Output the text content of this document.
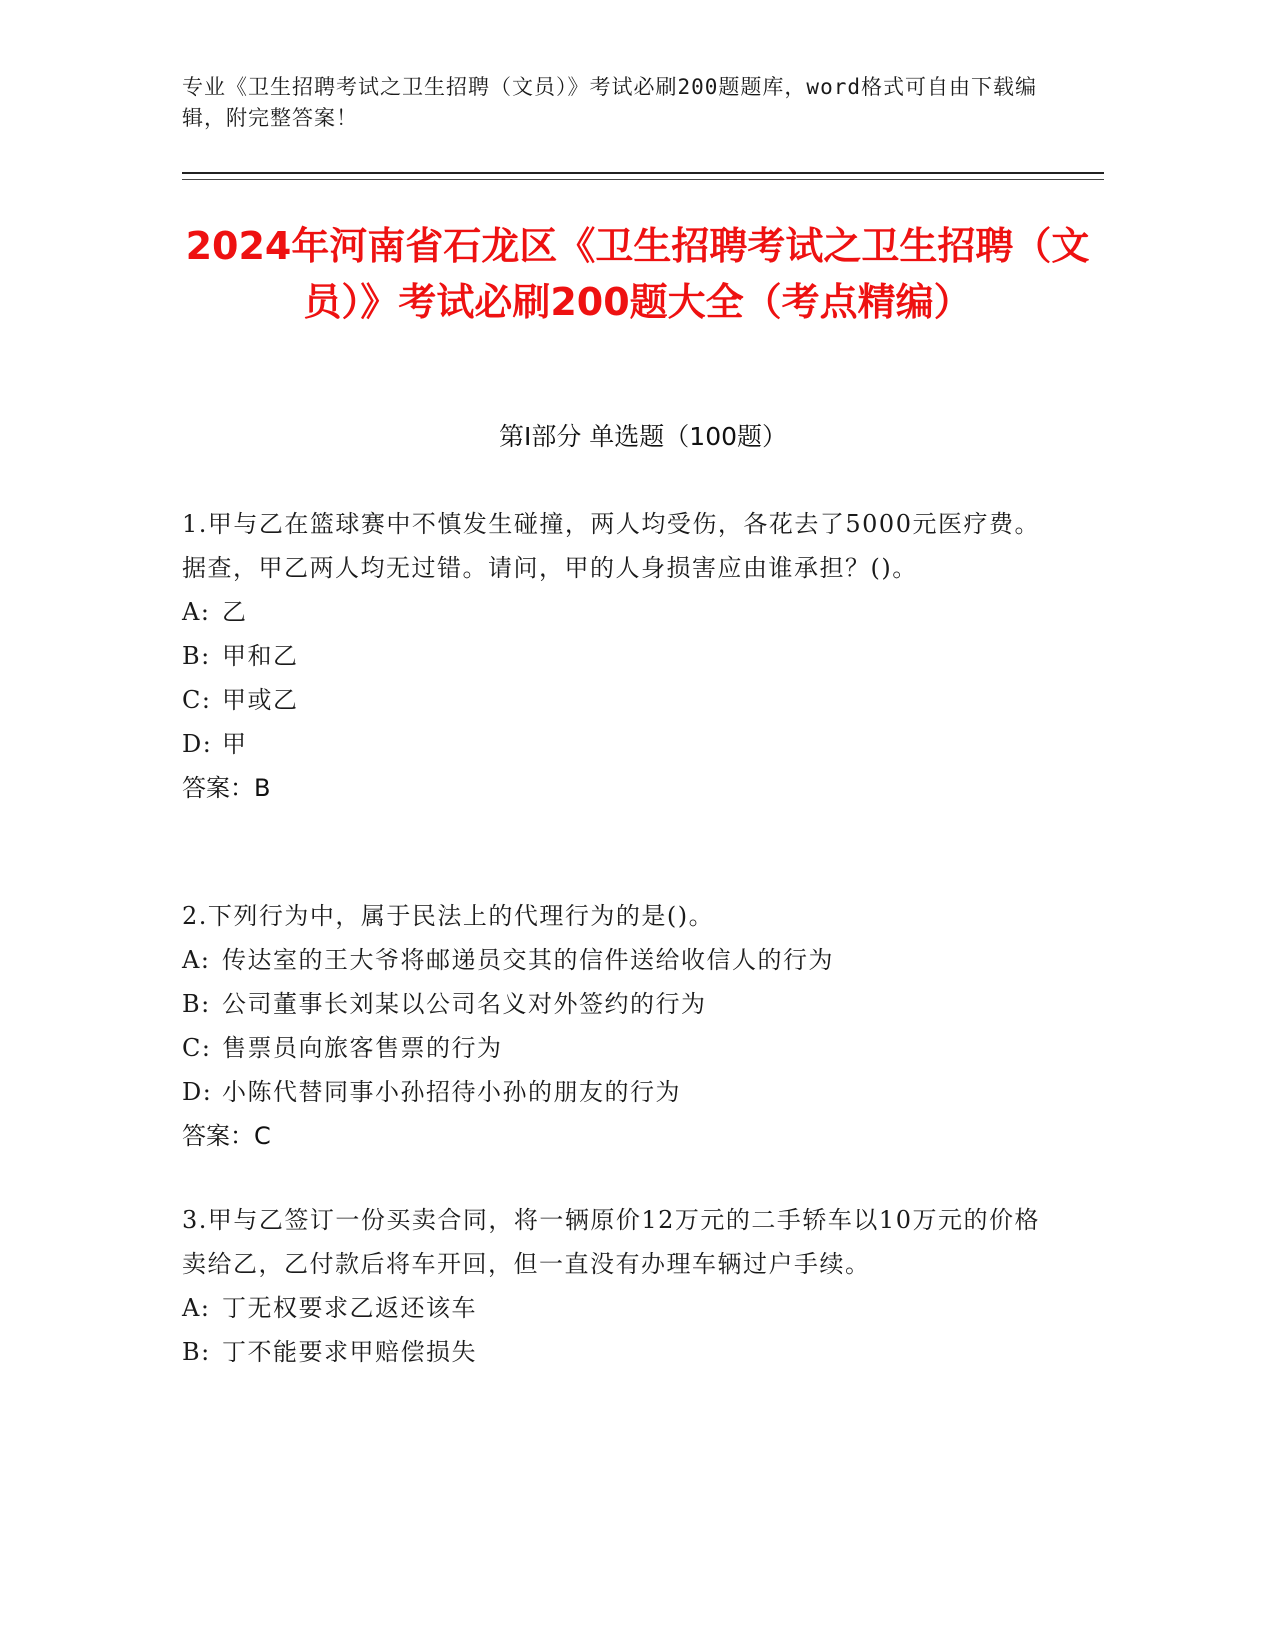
专业《卫生招聘考试之卫生招聘（文员）》考试必刷200题题库，word格式可自由下载编辑，附完整答案！
2024年河南省石龙区《卫生招聘考试之卫生招聘（文员）》考试必刷200题大全（考点精编）
第Ⅰ部分 单选题（100题）

1.甲与乙在篮球赛中不慎发生碰撞，两人均受伤，各花去了5000元医疗费。据查，甲乙两人均无过错。请问，甲的人身损害应由谁承担？()。

A: 乙

B: 甲和乙

C: 甲或乙

D: 甲

答案：B

2.下列行为中，属于民法上的代理行为的是()。

A: 传达室的王大爷将邮递员交其的信件送给收信人的行为

B: 公司董事长刘某以公司名义对外签约的行为

C: 售票员向旅客售票的行为

D: 小陈代替同事小孙招待小孙的朋友的行为

答案：C

3.甲与乙签订一份买卖合同，将一辆原价12万元的二手轿车以10万元的价格卖给乙，乙付款后将车开回，但一直没有办理车辆过户手续。

A: 丁无权要求乙返还该车

B: 丁不能要求甲赔偿损失
